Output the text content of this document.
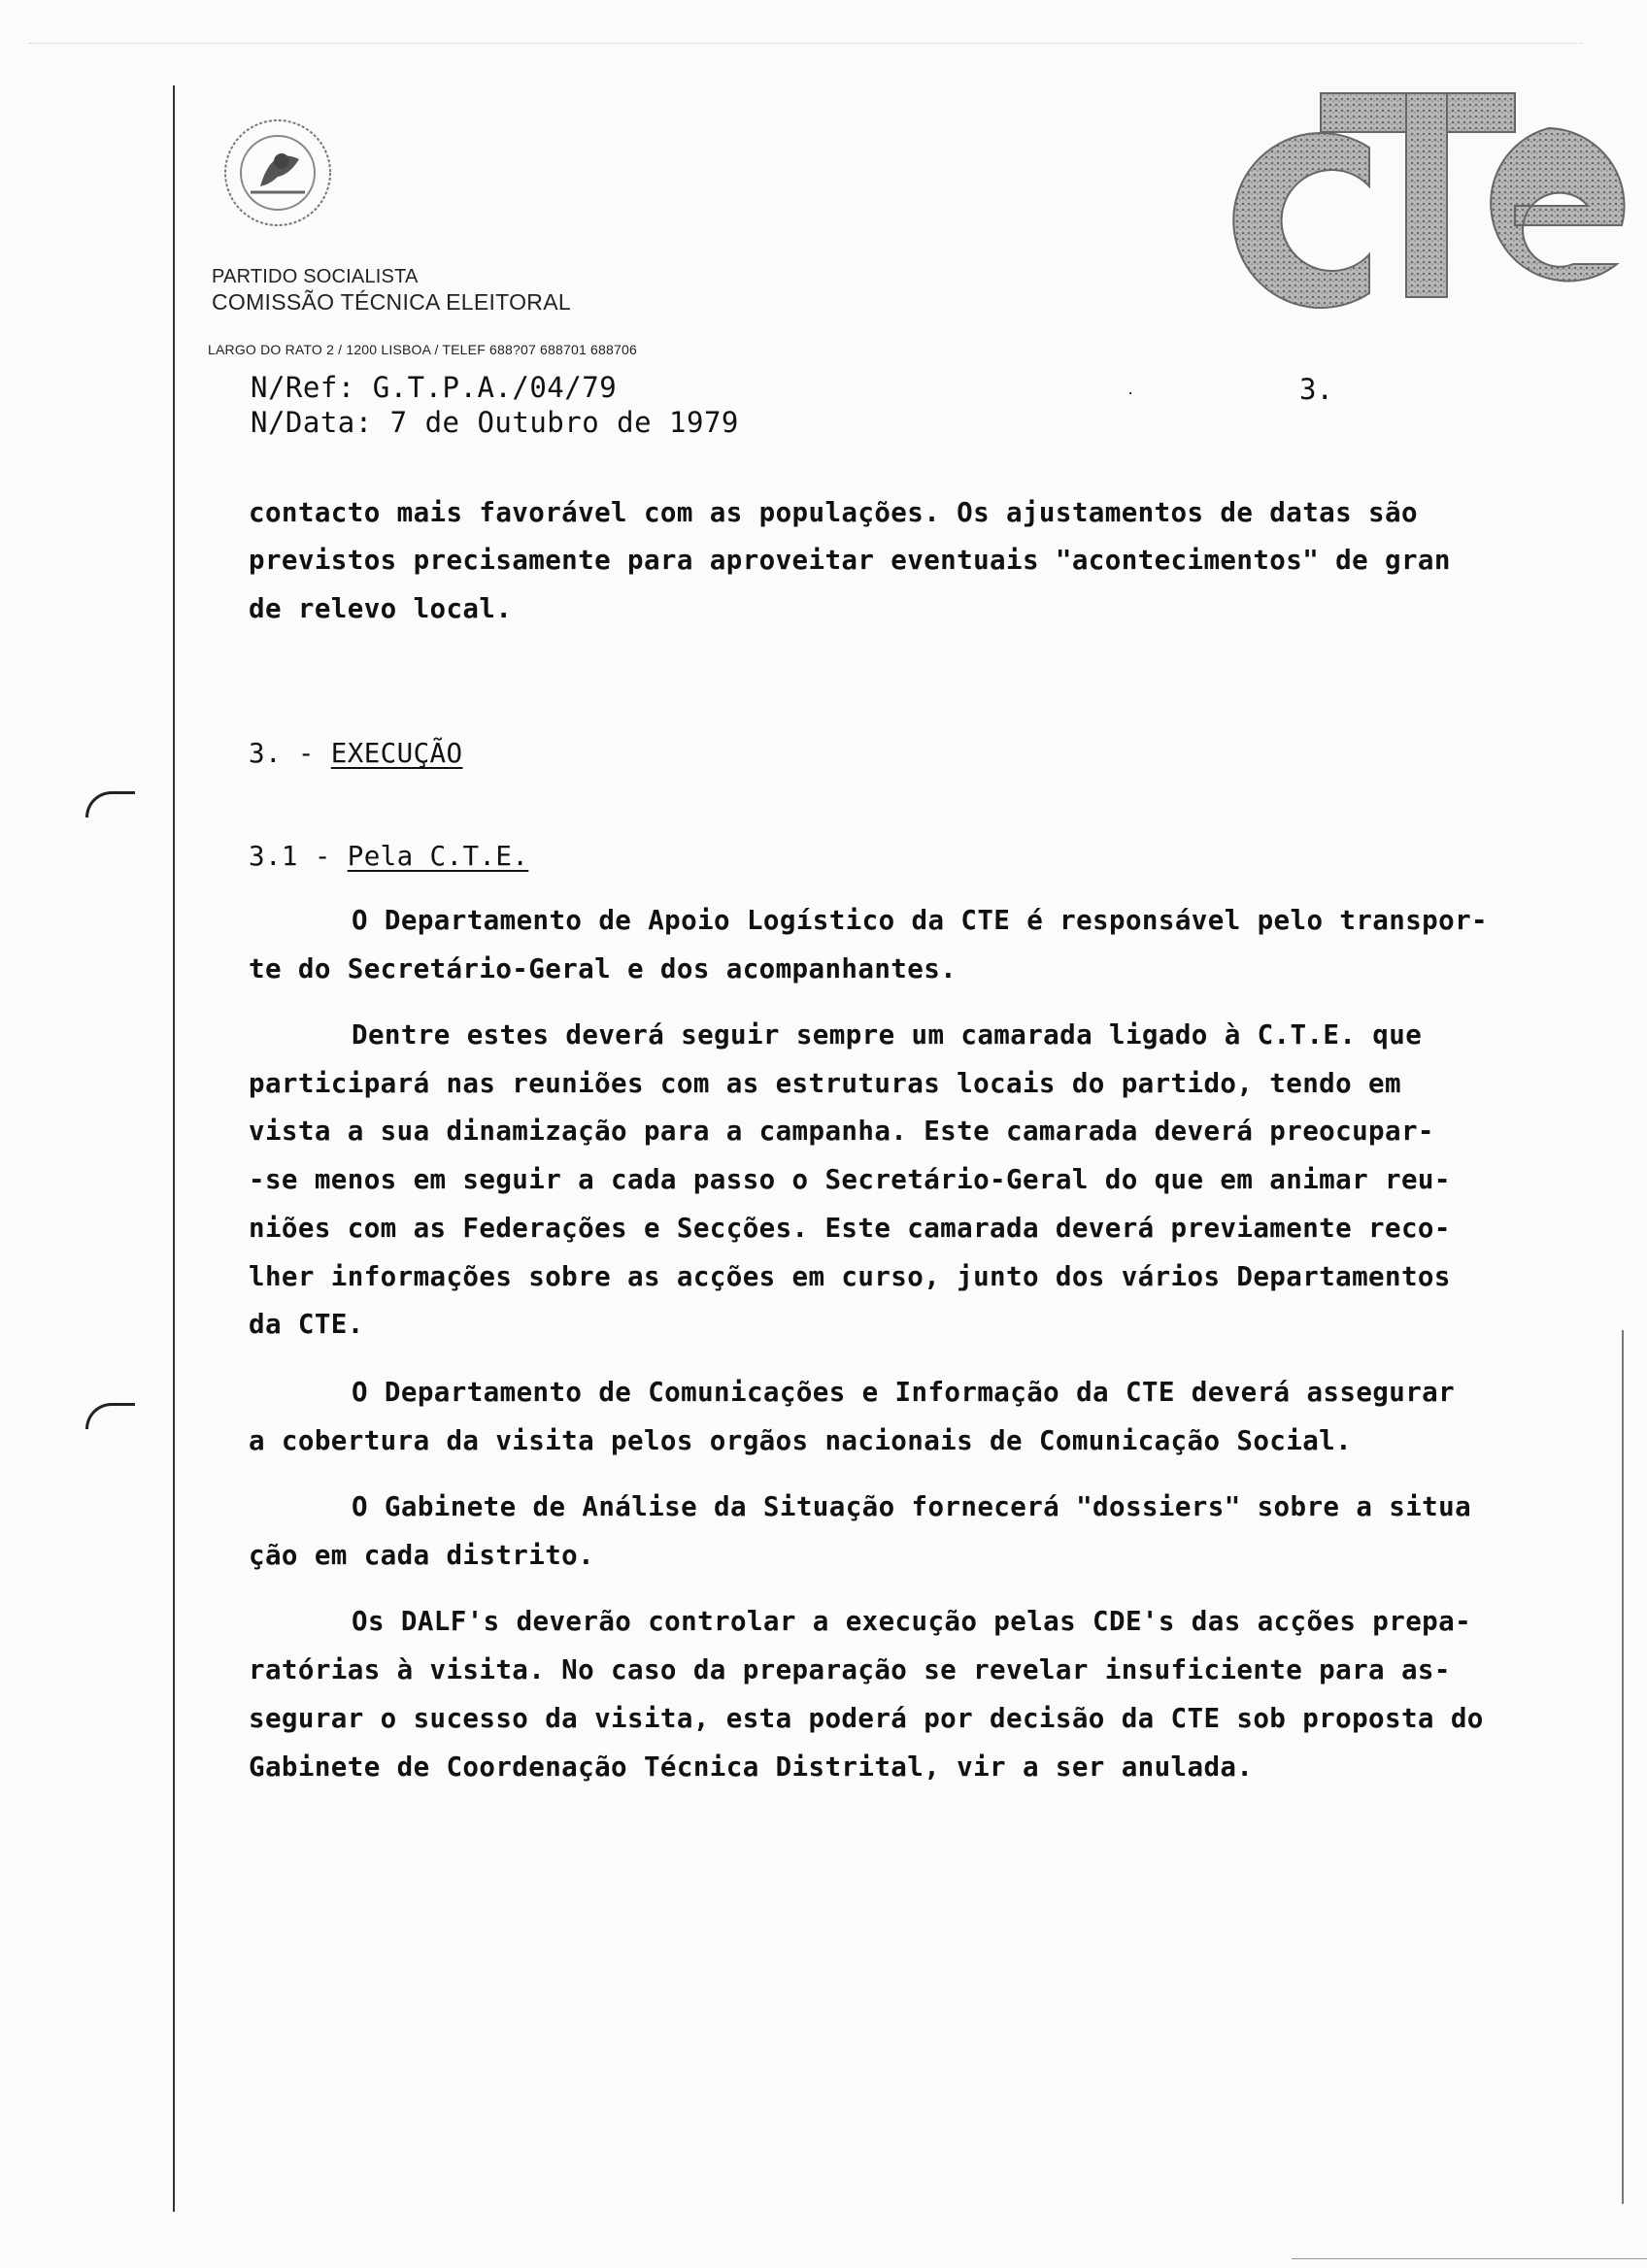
PARTIDO SOCIALISTA
COMISSÃO TÉCNICA ELEITORAL
LARGO DO RATO 2 / 1200 LISBOA / TELEF 688?07 688701 688706
N/Ref: G.T.P.A./04/79
N/Data: 7 de Outubro de 1979
·	3.
contacto mais favorável com as populações. Os ajustamentos de datas são
previstos precisamente para aproveitar eventuais "acontecimentos" de gran
de relevo local.
3. - EXECUÇÃO
3.1 - Pela C.T.E.
O Departamento de Apoio Logístico da CTE é responsável pelo transpor-
te do Secretário-Geral e dos acompanhantes.
Dentre estes deverá seguir sempre um camarada ligado à C.T.E. que
participará nas reuniões com as estruturas locais do partido, tendo em
vista a sua dinamização para a campanha. Este camarada deverá preocupar-
-se menos em seguir a cada passo o Secretário-Geral do que em animar reu-
niões com as Federações e Secções. Este camarada deverá previamente reco-
lher informações sobre as acções em curso, junto dos vários Departamentos
da CTE.
O Departamento de Comunicações e Informação da CTE deverá assegurar
a cobertura da visita pelos orgãos nacionais de Comunicação Social.
O Gabinete de Análise da Situação fornecerá "dossiers" sobre a situa
ção em cada distrito.
Os DALF's deverão controlar a execução pelas CDE's das acções prepa-
ratórias à visita. No caso da preparação se revelar insuficiente para as-
segurar o sucesso da visita, esta poderá por decisão da CTE sob proposta do
Gabinete de Coordenação Técnica Distrital, vir a ser anulada.
